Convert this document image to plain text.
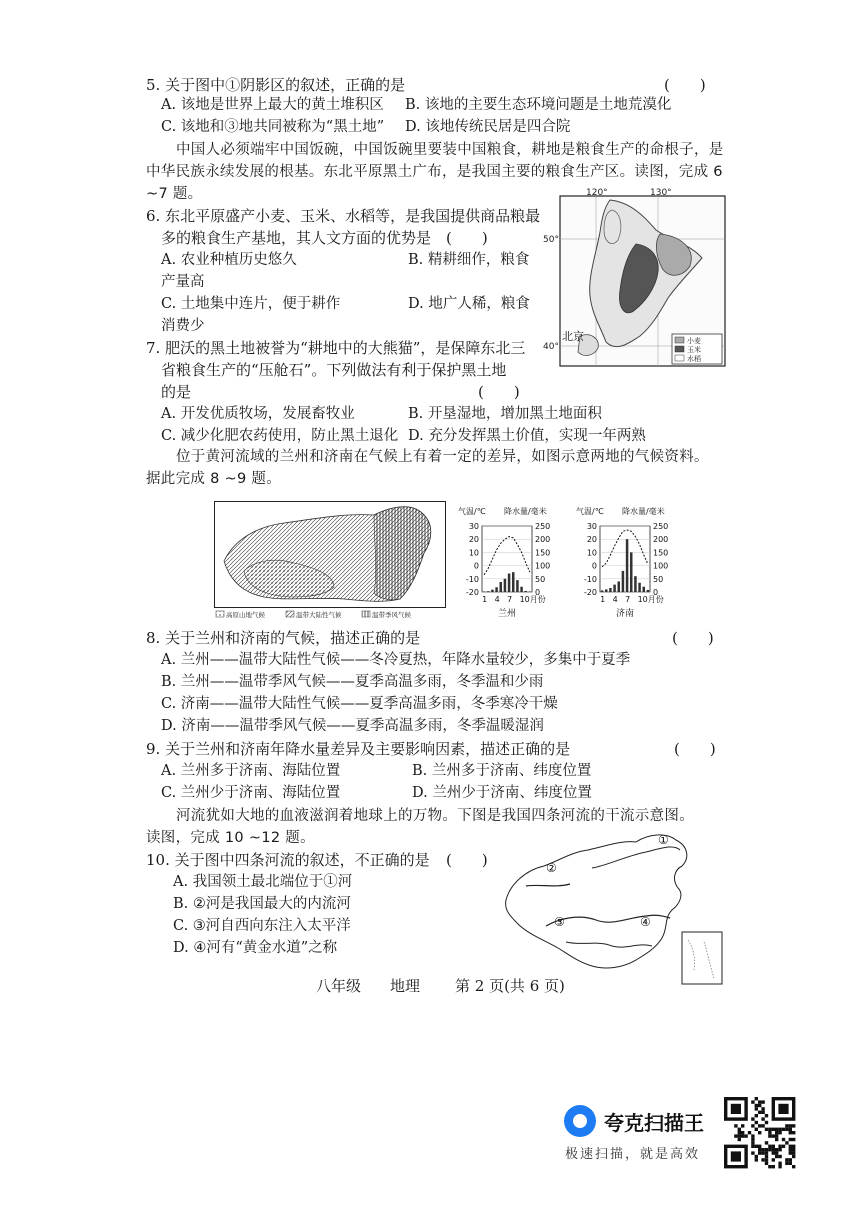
5. 关于图中①阴影区的叙述，正确的是	(　　)
A. 该地是世界上最大的黄土堆积区 B. 该地的主要生态环境问题是土地荒漠化
C. 该地和③地共同被称为“黑土地” D. 该地传统民居是四合院
中国人必须端牢中国饭碗，中国饭碗里要装中国粮食，耕地是粮食生产的命根子，是
中华民族永续发展的根基。东北平原黑土广布，是我国主要的粮食生产区。读图，完成 6
~7 题。
6. 东北平原盛产小麦、玉米、水稻等，是我国提供商品粮最
多的粮食生产基地，其人文方面的优势是 (　　)
A. 农业种植历史悠久	B. 精耕细作，粮食
产量高
C. 土地集中连片，便于耕作	D. 地广人稀，粮食
消费少
7. 肥沃的黑土地被誉为“耕地中的大熊猫”，是保障东北三
省粮食生产的“压舱石”。下列做法有利于保护黑土地
的是	(　　)
A. 开发优质牧场，发展畜牧业	B. 开垦湿地，增加黑土地面积
C. 减少化肥农药使用，防止黑土退化 D. 充分发挥黑土价值，实现一年两熟
120°	130°
50°
40°
北京	小麦
玉米
水稻
位于黄河流域的兰州和济南在气候上有着一定的差异，如图示意两地的气候资料。
据此完成 8 ~9 题。
高原山地气候	温带大陆性气候	温带季风气候
气温/℃ 降水量/毫米
30
20
10
0
-10
-20
250
200
150
100
50
0
1 4 7 10月份
兰州
气温/℃ 降水量/毫米
30
20
10
0
-10
-20
250
200
150
100
50
0
1 4 7 10月份
济南
8. 关于兰州和济南的气候，描述正确的是	(　　)
A. 兰州——温带大陆性气候——冬冷夏热，年降水量较少，多集中于夏季
B. 兰州——温带季风气候——夏季高温多雨，冬季温和少雨
C. 济南——温带大陆性气候——夏季高温多雨，冬季寒冷干燥
D. 济南——温带季风气候——夏季高温多雨，冬季温暖湿润
9. 关于兰州和济南年降水量差异及主要影响因素，描述正确的是	(　　)
A. 兰州多于济南、海陆位置	B. 兰州多于济南、纬度位置
C. 兰州少于济南、海陆位置	D. 兰州少于济南、纬度位置
河流犹如大地的血液滋润着地球上的万物。下图是我国四条河流的干流示意图。
读图，完成 10 ~12 题。
10. 关于图中四条河流的叙述，不正确的是 (　　)
A. 我国领土最北端位于①河
B. ②河是我国最大的内流河
C. ③河自西向东注入太平洋
D. ④河有“黄金水道”之称
②
③	④
①
八年级 地理 第 2 页(共 6 页)
夸克扫描王
极速扫描，就是高效
